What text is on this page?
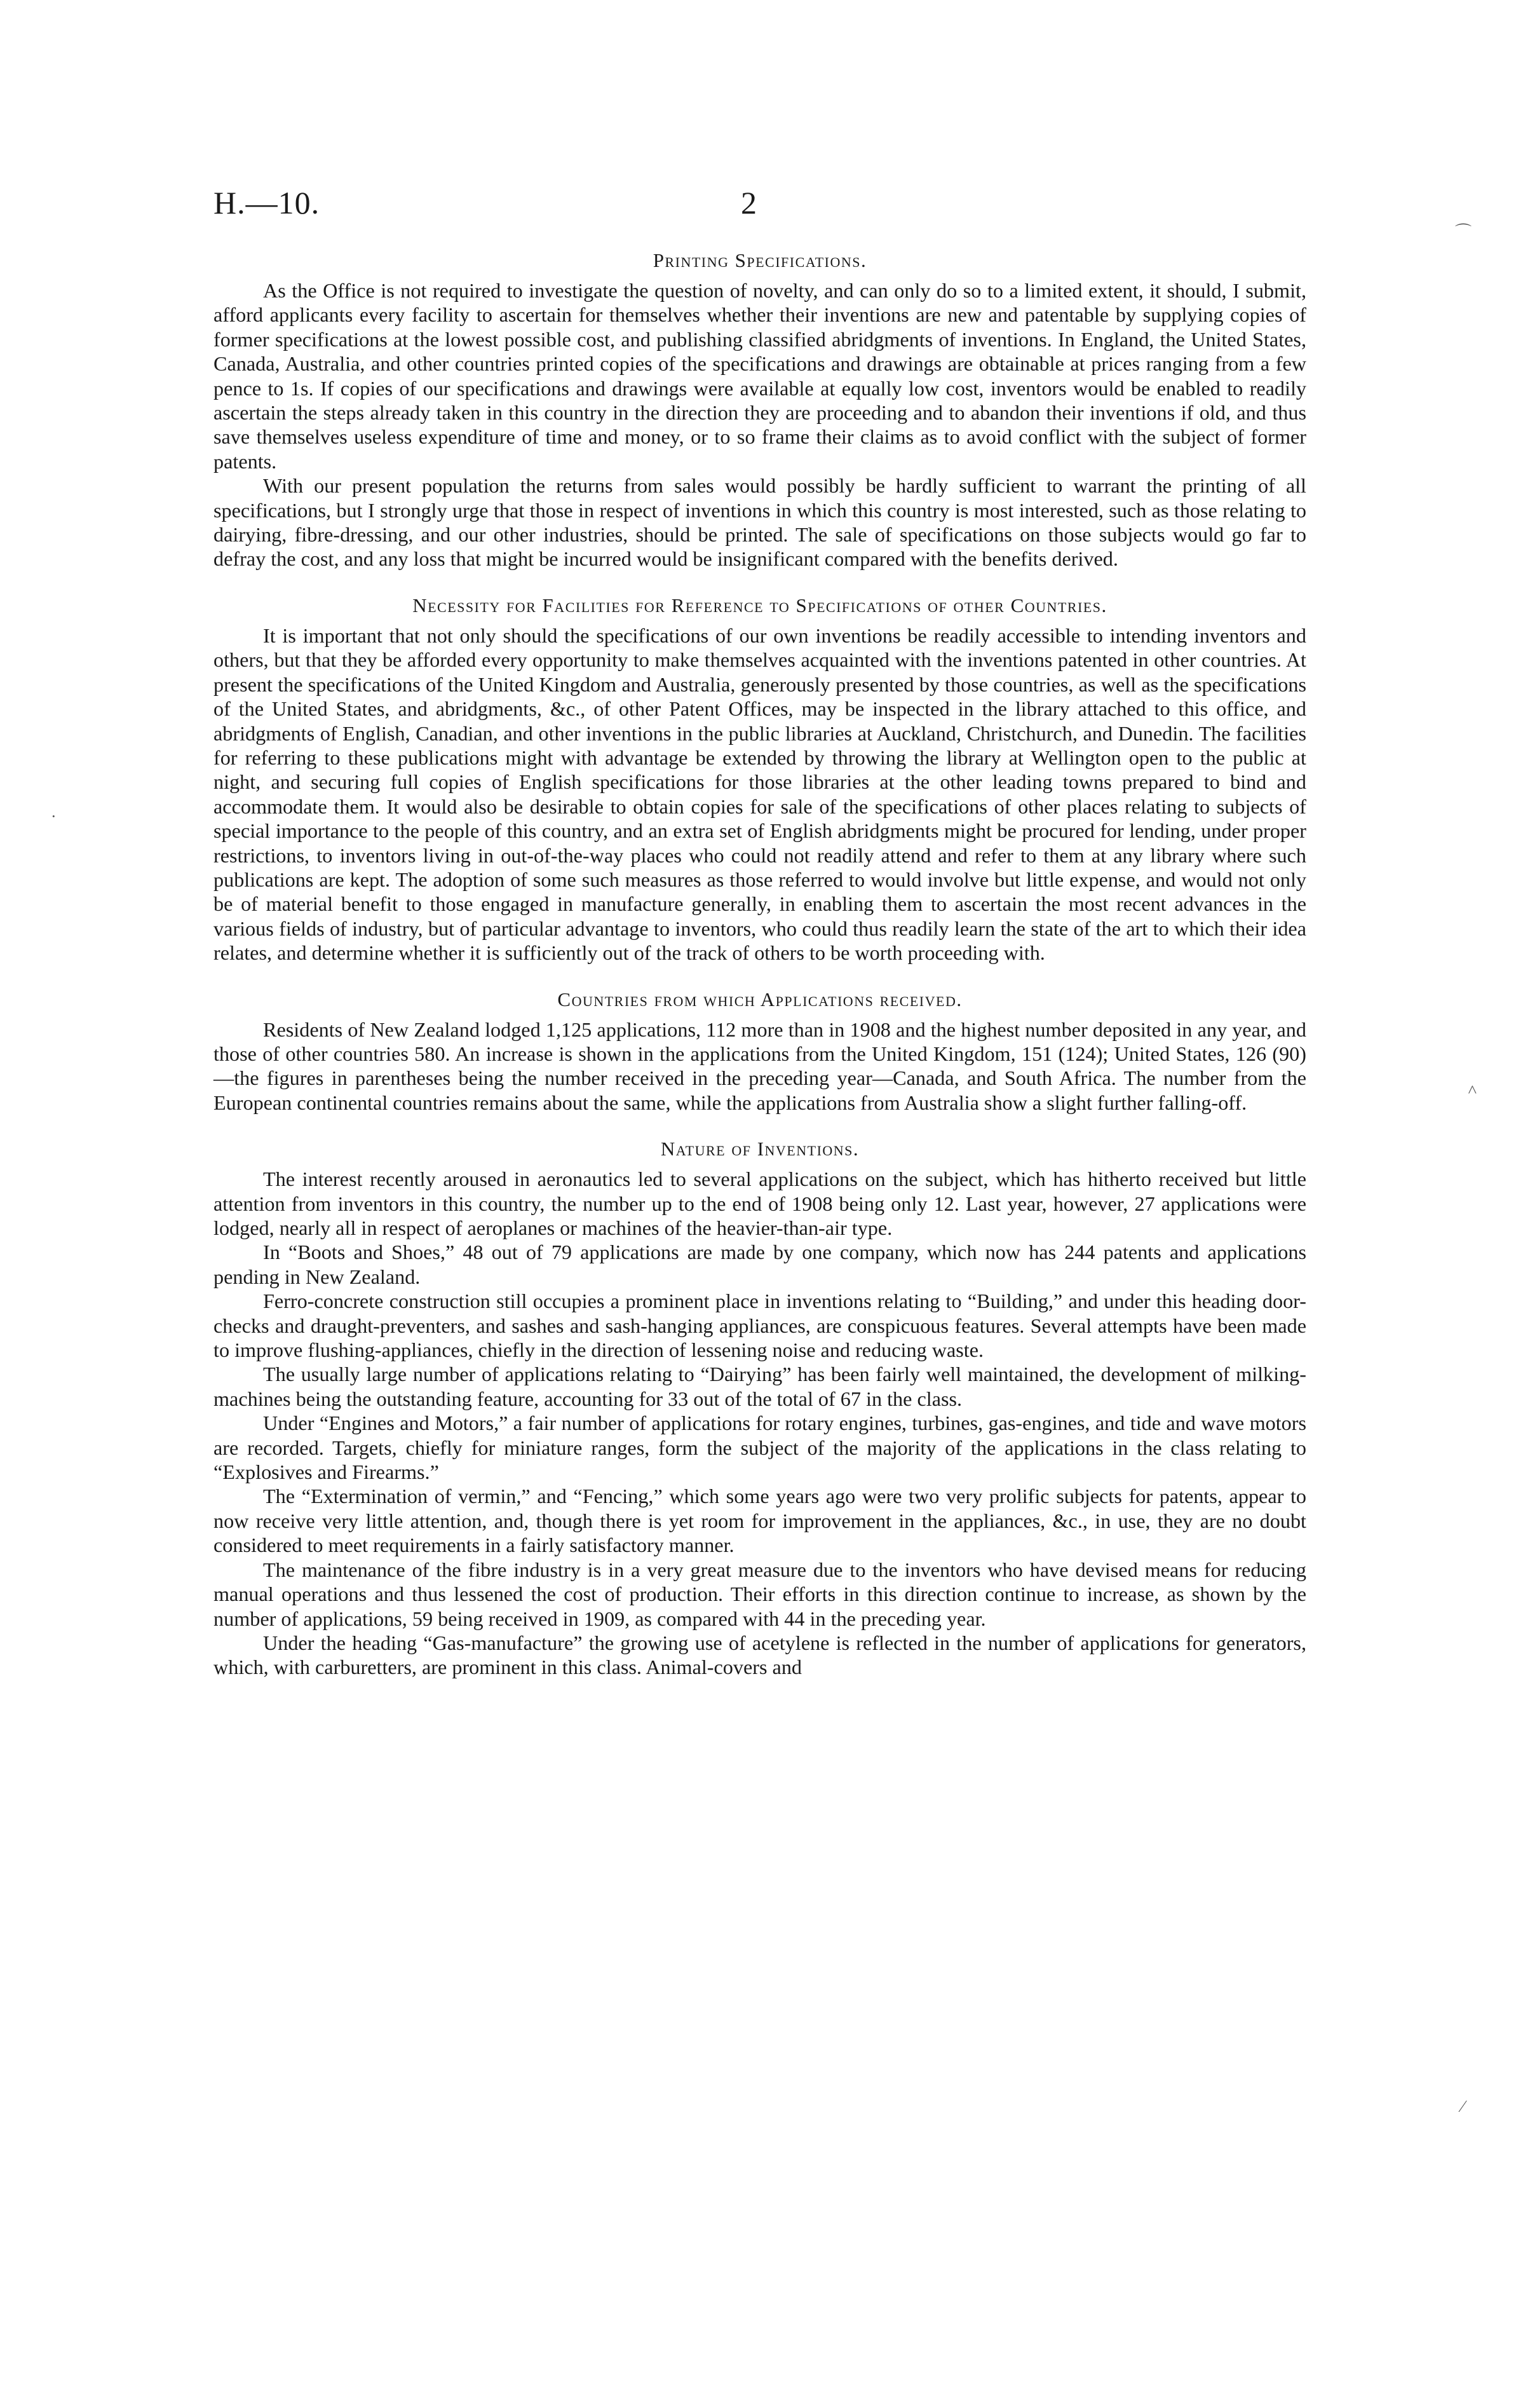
H.—10.	2
Printing Specifications.

As the Office is not required to investigate the question of novelty, and can only do so to a limited extent, it should, I submit, afford applicants every facility to ascertain for themselves whether their inventions are new and patentable by supplying copies of former specifications at the lowest possible cost, and publishing classified abridgments of inventions. In England, the United States, Canada, Australia, and other countries printed copies of the specifications and drawings are obtainable at prices ranging from a few pence to 1s. If copies of our specifications and drawings were available at equally low cost, inventors would be enabled to readily ascertain the steps already taken in this country in the direction they are proceeding and to abandon their inventions if old, and thus save themselves useless expenditure of time and money, or to so frame their claims as to avoid conflict with the subject of former patents.

With our present population the returns from sales would possibly be hardly sufficient to warrant the printing of all specifications, but I strongly urge that those in respect of inventions in which this country is most interested, such as those relating to dairying, fibre-dressing, and our other industries, should be printed. The sale of specifications on those subjects would go far to defray the cost, and any loss that might be incurred would be insignificant compared with the benefits derived.

Necessity for Facilities for Reference to Specifications of other Countries.

It is important that not only should the specifications of our own inventions be readily accessible to intending inventors and others, but that they be afforded every opportunity to make themselves acquainted with the inventions patented in other countries. At present the specifications of the United Kingdom and Australia, generously presented by those countries, as well as the specifications of the United States, and abridgments, &c., of other Patent Offices, may be inspected in the library attached to this office, and abridgments of English, Canadian, and other inventions in the public libraries at Auckland, Christchurch, and Dunedin. The facilities for referring to these publications might with advantage be extended by throwing the library at Wellington open to the public at night, and securing full copies of English specifications for those libraries at the other leading towns prepared to bind and accommodate them. It would also be desirable to obtain copies for sale of the specifications of other places relating to subjects of special importance to the people of this country, and an extra set of English abridgments might be procured for lending, under proper restrictions, to inventors living in out-of-the-way places who could not readily attend and refer to them at any library where such publications are kept. The adoption of some such measures as those referred to would involve but little expense, and would not only be of material benefit to those engaged in manufacture generally, in enabling them to ascertain the most recent advances in the various fields of industry, but of particular advantage to inventors, who could thus readily learn the state of the art to which their idea relates, and determine whether it is sufficiently out of the track of others to be worth proceeding with.

Countries from which Applications received.

Residents of New Zealand lodged 1,125 applications, 112 more than in 1908 and the highest number deposited in any year, and those of other countries 580. An increase is shown in the applications from the United Kingdom, 151 (124); United States, 126 (90)—the figures in parentheses being the number received in the preceding year—Canada, and South Africa. The number from the European continental countries remains about the same, while the applications from Australia show a slight further falling-off.

Nature of Inventions.

The interest recently aroused in aeronautics led to several applications on the subject, which has hitherto received but little attention from inventors in this country, the number up to the end of 1908 being only 12. Last year, however, 27 applications were lodged, nearly all in respect of aeroplanes or machines of the heavier-than-air type.

In “Boots and Shoes,” 48 out of 79 applications are made by one company, which now has 244 patents and applications pending in New Zealand.

Ferro-concrete construction still occupies a prominent place in inventions relating to “Building,” and under this heading door-checks and draught-preventers, and sashes and sash-hanging appliances, are conspicuous features. Several attempts have been made to improve flushing-appliances, chiefly in the direction of lessening noise and reducing waste.

The usually large number of applications relating to “Dairying” has been fairly well maintained, the development of milking-machines being the outstanding feature, accounting for 33 out of the total of 67 in the class.

Under “Engines and Motors,” a fair number of applications for rotary engines, turbines, gas-engines, and tide and wave motors are recorded. Targets, chiefly for miniature ranges, form the subject of the majority of the applications in the class relating to “Explosives and Firearms.”

The “Extermination of vermin,” and “Fencing,” which some years ago were two very prolific subjects for patents, appear to now receive very little attention, and, though there is yet room for improvement in the appliances, &c., in use, they are no doubt considered to meet requirements in a fairly satisfactory manner.

The maintenance of the fibre industry is in a very great measure due to the inventors who have devised means for reducing manual operations and thus lessened the cost of production. Their efforts in this direction continue to increase, as shown by the number of applications, 59 being received in 1909, as compared with 44 in the preceding year.

Under the heading “Gas-manufacture” the growing use of acetylene is reflected in the number of applications for generators, which, with carburetters, are prominent in this class. Animal-covers and

⌒
·
˄
⁄
